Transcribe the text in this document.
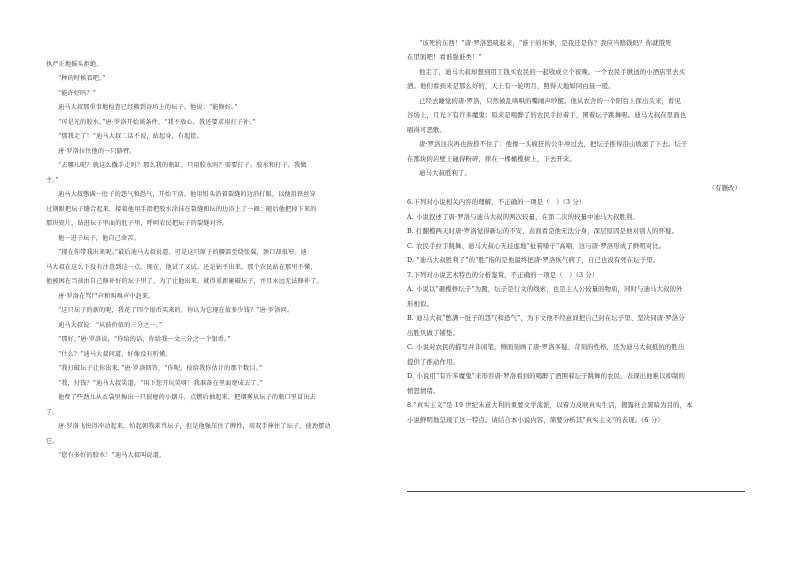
执严正地摇头拒绝。

“种的时候看吧。”

“能许好吗？”

迪马大叔那重事地检查已经搬到谷坊上的坛子。他说：“能修好。”

“可是光的胶水，”唐·罗洛开始谈条件，“我不放心。我还要求用打子补。”

“那我走了！”迪马大叔二话不说，站起身，有起筐。

唐·罗洛拉住他的一只胳臂。

“去哪儿呢？就这么撒手走吗？那么我的瓶缸，只用胶水吗？需要打子。胶水和打子。我做

主。”

迪马大叔憋满一肚子的怨气和恐气，开始干活。他用铅头沿着裂缝的边沿打眼，以便用铁丝穿

过钢眼把坛子缝合起来，接着他用手指把胶水涂抹在裂缝和坛的边沿上了一圈；随后他把掉下来的

那块瓷片，钻进坛子里面的肚子里，呼呵农民把坛子的裂缝对齐。

他一进子坛子，他自己命苦。

“现在你带我出来呢。”最后迪马大叔说道。可是这只原子的腰部至绕张翼，颈口却很窄。迪

马大叔在这么下没有注意到这一点。现在，他试了又试，还是钻不出来。那个农民站在那里不懂，

他被困在当前由自己修补好的坛子里了，为了让他出来，就得重新砸破坛子，并且永远无法修补了。

唐·罗洛在骂尸声和叫唤声中赶来。

“这只坛子的新的呢，我花了四个银币买来的。你认为它现在值多少钱？”唐·罗洛问。

迪马大叔说：“从前价值的三分之一。”

“那好，”唐·罗洛说，“你给的话，你给我一文三分之一个银币。”

“什么？”迪马大叔问道，好像没有听懂。

“我打破坛子让你出来，”唐·罗洛回答，“你呢，按给我你估计的那个数目。”

“我，付钱？”迪马大叔笑道，“用下您开玩笑呀！我准备在里面宽成去了。”

他费了些劲儿从衣袋里掏出一只很瘪的小烟斗，点燃后抽起来，把烟雾从坛子的瓶口里冒出去

了。

唐·罗洛飞快得冲动起来，怕起朝我来骂坛子，但是他强压住了脾性，用双手捧住了坛子，使劲摆动

它。

“您有多好的胶水！”迪马大叔叫说道。

“该死的东西！”唐·罗洛怒吼起来，“谁干的坏事，是我还是你？我应当赔钱吗？你就饿死

在里面吧！看谁强谁类！”

他走了，迪马大叔却想到用工钱买农民的一起收成立个夜晚。一个农民手掀送的小酒店里去买

酒。他们看到来是那么好的，天上有一轮明月，照得天地如同白昼一般。

已经去睡觉的唐·罗洛，只然被乱哄哄的嘴闹声吵醒。他从农舍的一个阳台上探出头来，看见

谷场上，月光下有许多魔鬼；原来是喝醉了的农民手拉着手，围着坛子跳舞呢。迪马大叔在里面也

唱得可恶歌。

唐·罗洛这次再也按捺不住了：他像一头疯狂的公牛冲过去，把坛子推得沿山坡滚了下去。坛子

在那块的岩壁上碰得粉碎，摔在一棵橄榄树上，下去开来。

迪马大叔胜利了。

（有删改）

6.下列对小说相关内容的理解，不正确的一项是（　）（3 分）

A. 小说叙述了唐·罗洛与迪马大叔的两次较量，在第二次的较量中迪马大叔胜利。

B. 打翻榄两天时唐·罗洛觉得新坛的不安，表面看是他无法分身，深层原因是他对别人的怀疑。

C. 农民手拉手跳舞、迪马大叔心无挂虑地“扯着嗓子”高唱，这与唐·罗洛形成了鲜明对比。

D. “迪马大叔胜利了”的“胜”指的是他最终把唐·罗洛恢气病了，自己也没有死在坛子里。

7.下列对小说艺术特色的分析鉴赏，不正确的一项是（　）（3 分）

A. 小说以“砸榄修坛子”为题，坛子是行文的线索，也是主人公较量的物质，同时与迪马大叔的外

形相似。

B. 迪马大叔“憋满一肚子的怨气和恐气”，为下文他不经意间把自己封在坛子里、坚决同唐·罗洛分

出胜负做了铺垫。

C. 小说对农民的描写并非闲笔，侧面刻画了唐·罗洛多疑、苛刻的性格，还为迪马大叔抵抗的胜出

提供了推动作用。

D. 小说用“有许多魔鬼”来形容唐·罗洛看到的喝醉了酒围着坛子跳舞的农民，表现出他难以抑制的

愤怒情绪。

8.“真实主义”是 19 世纪末意大利的重要文学流派，以着力反映真实生活，揭露社会黑暗为目的，本

小说鲜明地呈现了这一特点。请结合本小说内容，简要分析其“真实主义”的表现。（6 分）
